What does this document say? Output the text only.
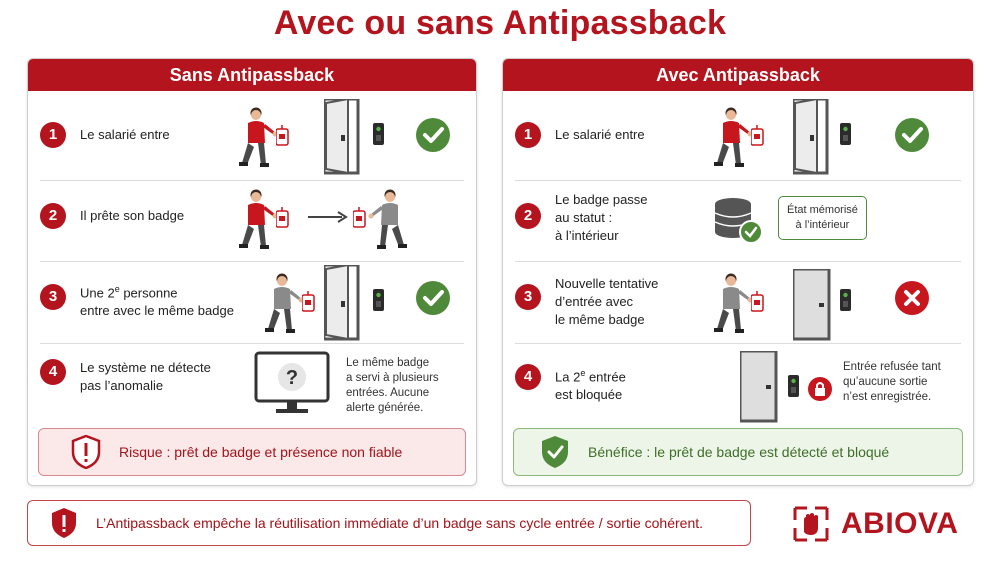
Avec ou sans Antipassback
Sans Antipassback
1	Le salarié entre
2	Il prête son badge
3	Une 2e personne
entre avec le même badge
4	Le système ne détecte
pas l’anomalie	?
Le même badge
a servi à plusieurs
entrées. Aucune
alerte générée.
Risque : prêt de badge et présence non fiable
Avec Antipassback
1	Le salarié entre
2
Le badge passe
au statut :
à l’intérieur
État mémorisé
à l’intérieur
3
Nouvelle tentative
d’entrée avec
le même badge
4	La 2e entrée
est bloquée
Entrée refusée tant
qu’aucune sortie
n’est enregistrée.
Bénéfice : le prêt de badge est détecté et bloqué
L’Antipassback empêche la réutilisation immédiate d’un badge sans cycle entrée / sortie cohérent.	ABIOVA
